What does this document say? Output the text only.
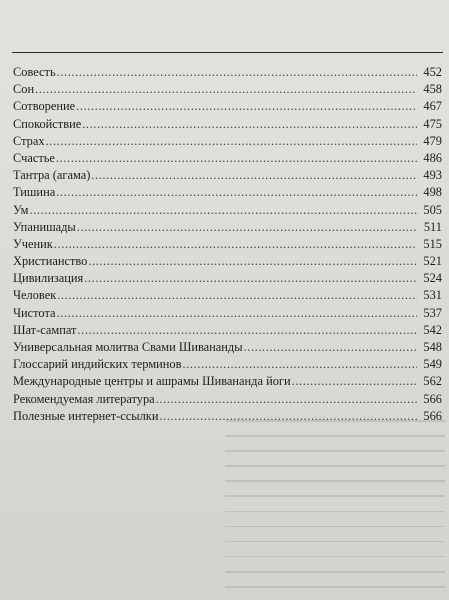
Совесть .....	452
Сон .....	458
Сотворение .....	467
Спокойствие .....	475
Страх .....	479
Счастье .....	486
Тантра (агама) .....	493
Тишина .....	498
Ум .....	505
Упанишады .....	511
Ученик .....	515
Христианство .....	521
Цивилизация .....	524
Человек .....	531
Чистота .....	537
Шат-сампат .....	542
Универсальная молитва Свами Шивананды .....	548
Глоссарий индийских терминов .....	549
Международные центры и ашрамы Шивананда йоги .....	562
Рекомендуемая литература .....	566
Полезные интернет-ссылки .....	566
